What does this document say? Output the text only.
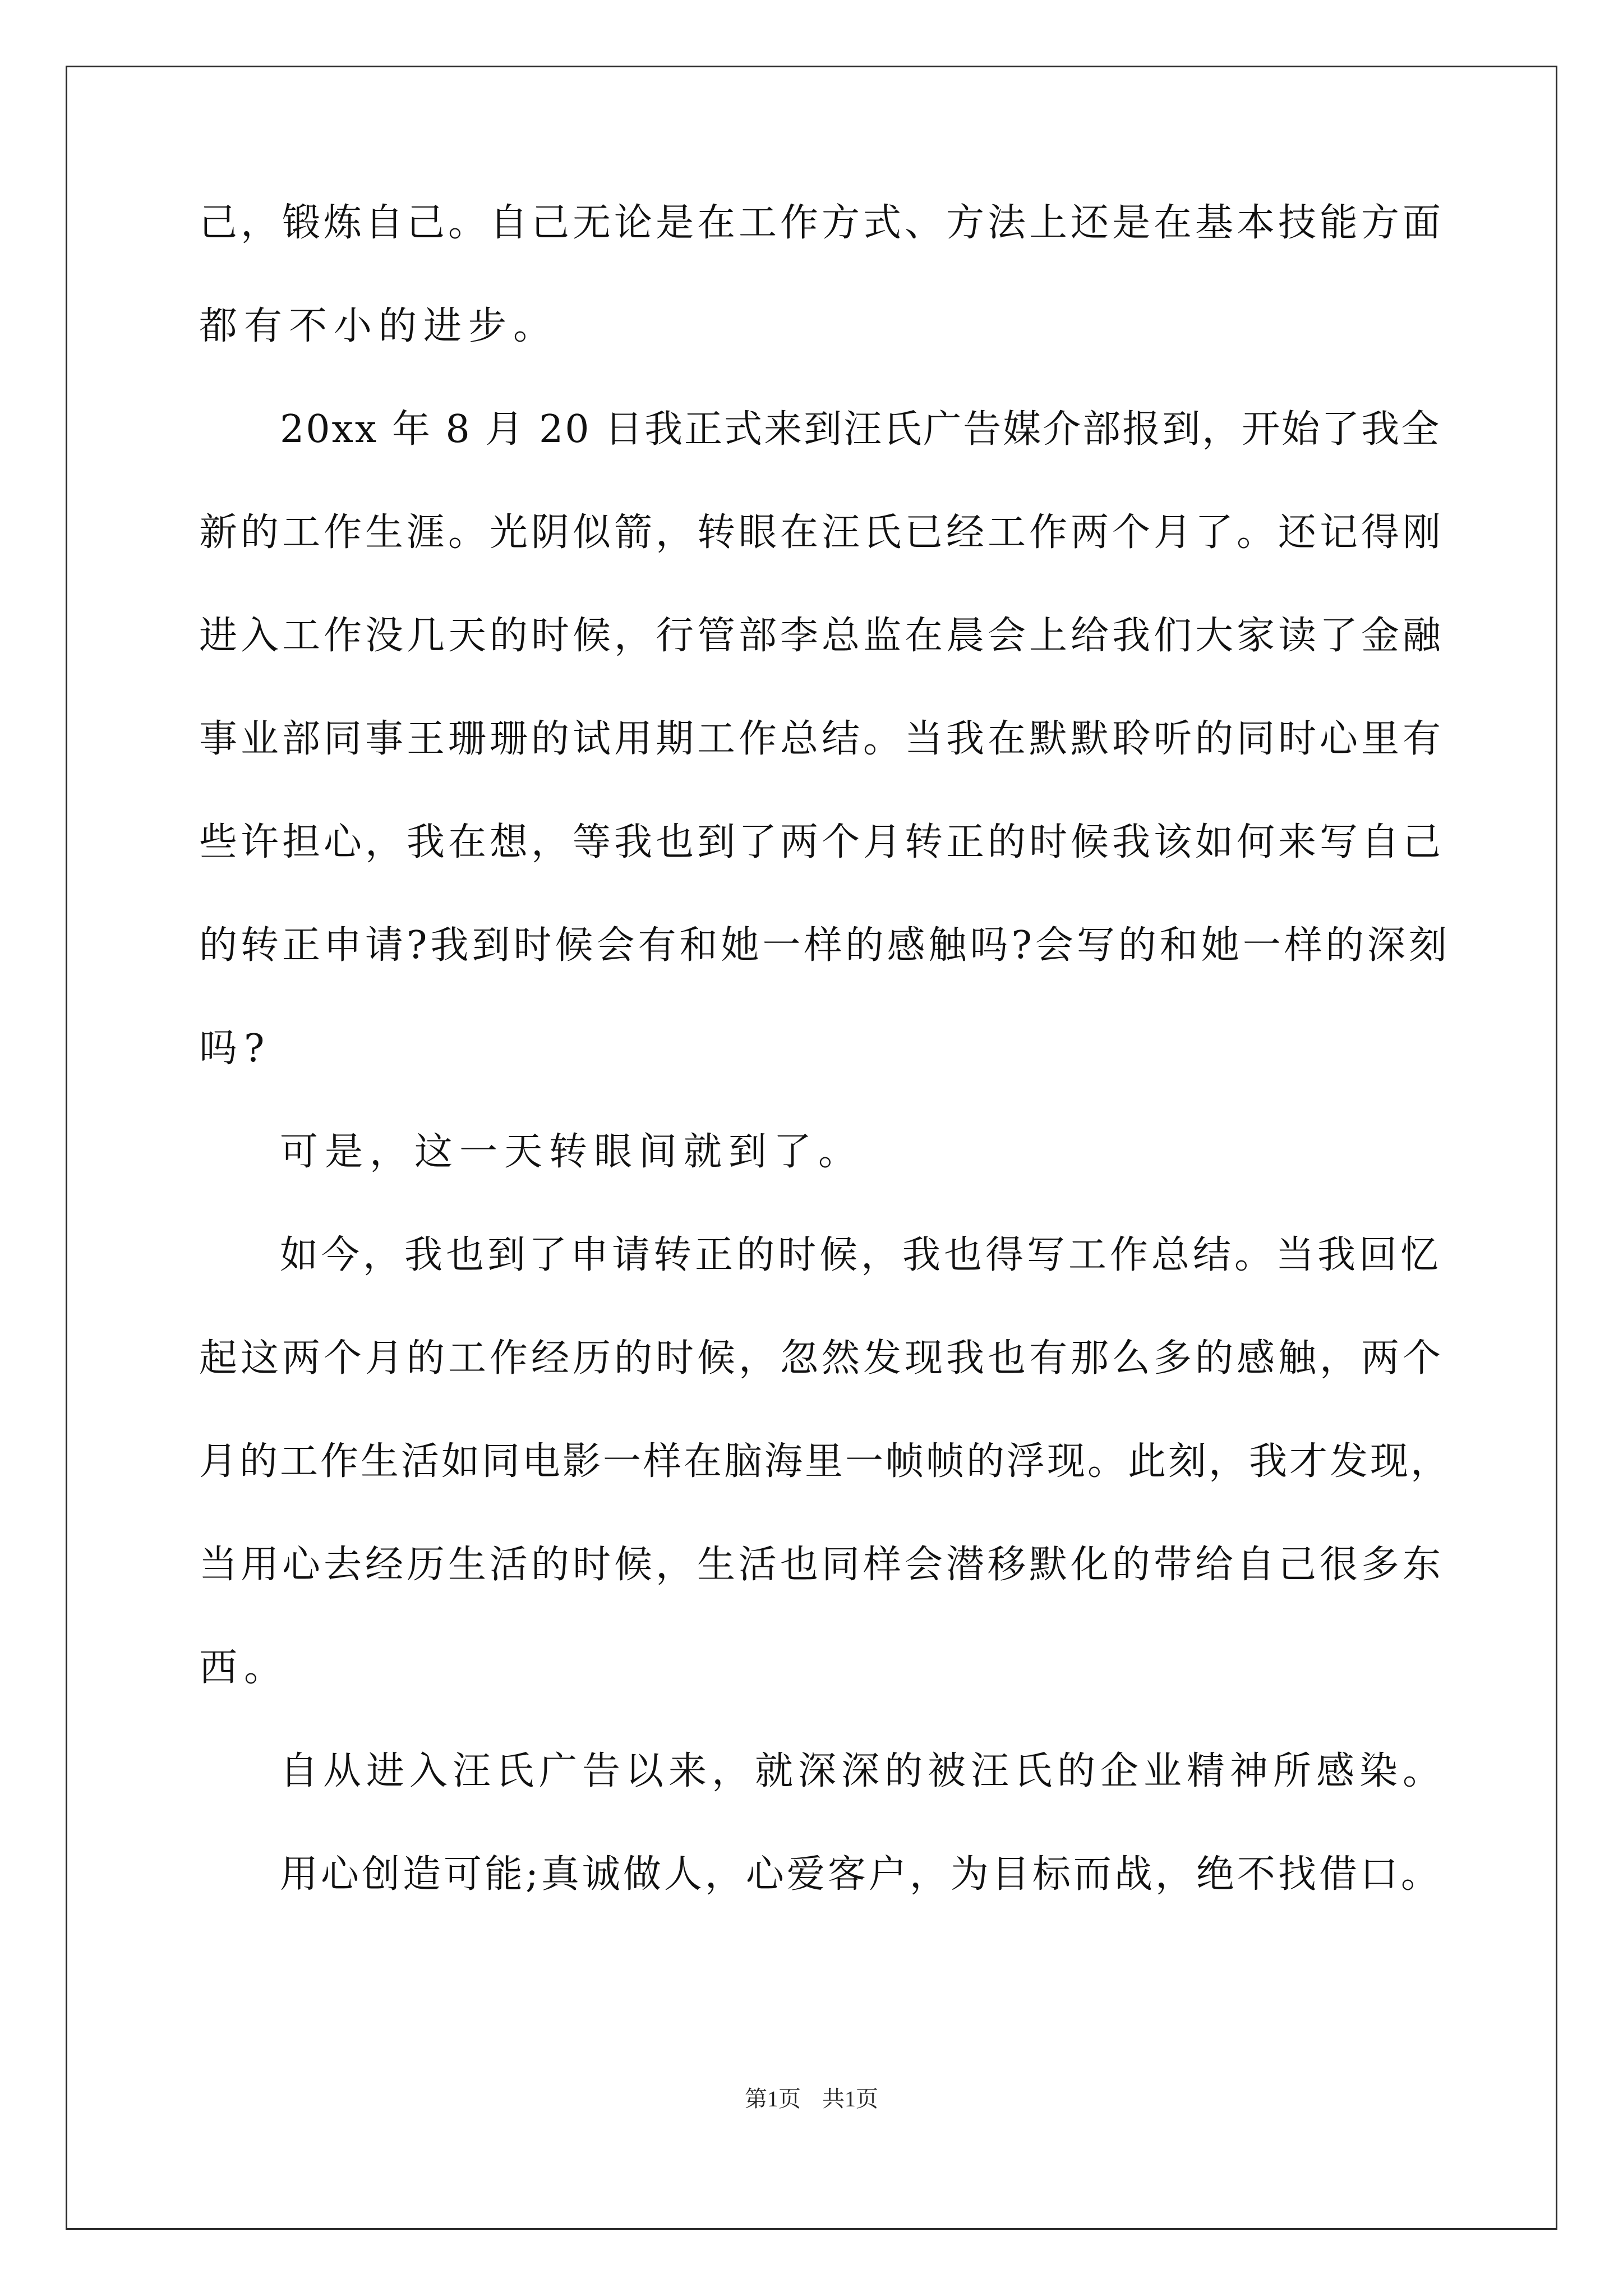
己，锻炼自己。自己无论是在工作方式、方法上还是在基本技能方面
都有不小的进步。
20xx 年 8 月 20 日我正式来到汪氏广告媒介部报到，开始了我全
新的工作生涯。光阴似箭，转眼在汪氏已经工作两个月了。还记得刚
进入工作没几天的时候，行管部李总监在晨会上给我们大家读了金融
事业部同事王珊珊的试用期工作总结。当我在默默聆听的同时心里有
些许担心，我在想，等我也到了两个月转正的时候我该如何来写自己
的转正申请?我到时候会有和她一样的感触吗?会写的和她一样的深刻
吗?
可是，这一天转眼间就到了。
如今，我也到了申请转正的时候，我也得写工作总结。当我回忆
起这两个月的工作经历的时候，忽然发现我也有那么多的感触，两个
月的工作生活如同电影一样在脑海里一帧帧的浮现。此刻，我才发现，
当用心去经历生活的时候，生活也同样会潜移默化的带给自己很多东
西。
自从进入汪氏广告以来，就深深的被汪氏的企业精神所感染。
用心创造可能;真诚做人，心爱客户，为目标而战，绝不找借口。
第1页 共1页
